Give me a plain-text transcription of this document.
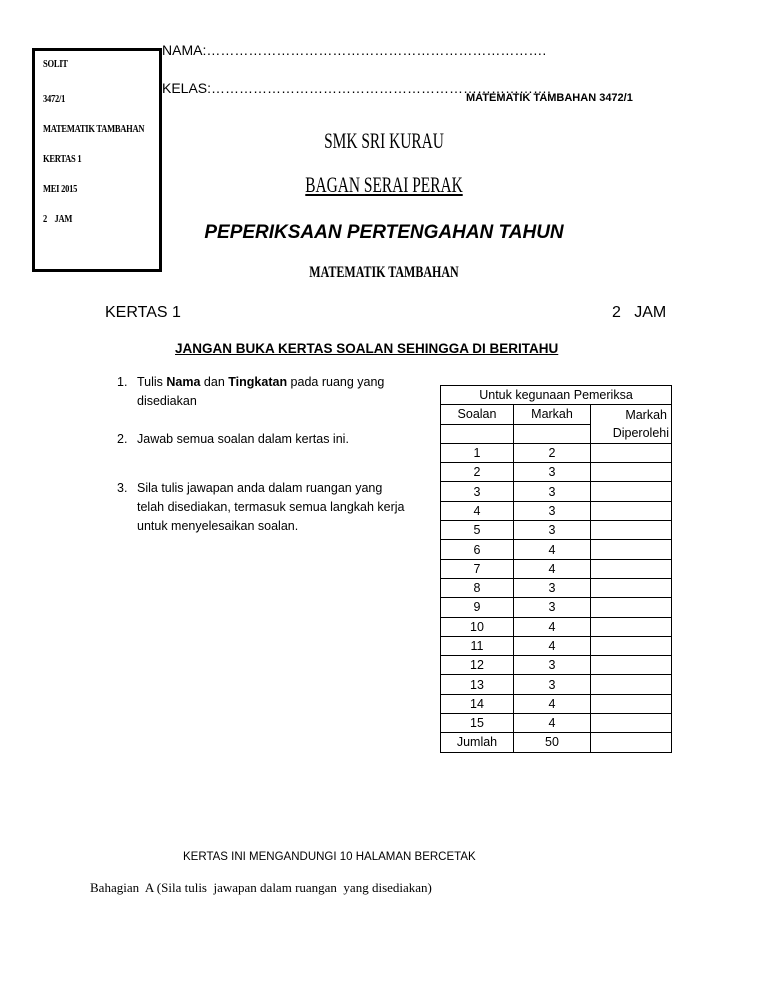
SOLIT
3472/1
MATEMATIK TAMBAHAN
KERTAS 1
MEI 2015
2    JAM
NAMA:……………………………………………………………….
KELAS:……………………………………………………………….
MATEMATIK TAMBAHAN 3472/1
SMK SRI KURAU
BAGAN SERAI PERAK
PEPERIKSAAN PERTENGAHAN TAHUN
MATEMATIK TAMBAHAN
KERTAS 1	2   JAM
JANGAN BUKA KERTAS SOALAN SEHINGGA DI BERITAHU
1. Tulis Nama dan Tingkatan pada ruang yang
disediakan
2. Jawab semua soalan dalam kertas ini.
3. Sila tulis jawapan anda dalam ruangan yang
telah disediakan, termasuk semua langkah kerja
untuk menyelesaikan soalan.
Untuk kegunaan Pemeriksa		
Soalan	Markah	Markah
		Diperolehi
1	2	
2	3	
3	3	
4	3	
5	3	
6	4	
7	4	
8	3	
9	3	
10	4	
11	4	
12	3	
13	3	
14	4	
15	4	
Jumlah	50	
KERTAS INI MENGANDUNGI 10 HALAMAN BERCETAK
Bahagian  A (Sila tulis  jawapan dalam ruangan  yang disediakan)
